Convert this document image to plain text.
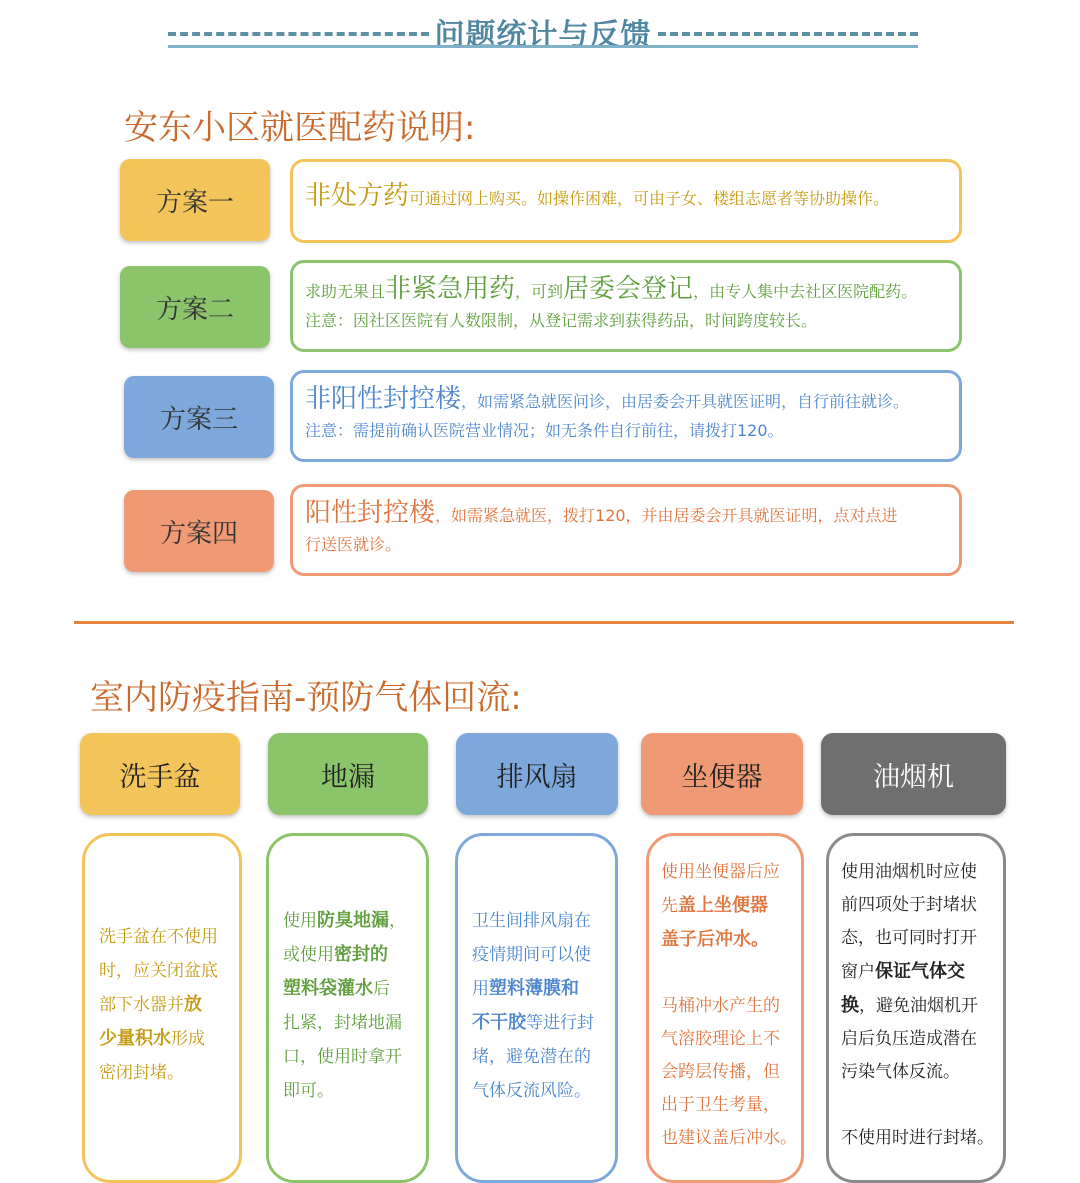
问题统计与反馈
安东小区就医配药说明:
方案一	非处方药可通过网上购买。如操作困难，可由子女、楼组志愿者等协助操作。
方案二
求助无果且非紧急用药，可到居委会登记，由专人集中去社区医院配药。
注意：因社区医院有人数限制，从登记需求到获得药品，时间跨度较长。
方案三
非阳性封控楼，如需紧急就医问诊，由居委会开具就医证明，自行前往就诊。
注意：需提前确认医院营业情况；如无条件自行前往，请拨打120。
方案四
阳性封控楼，如需紧急就医，拨打120，并由居委会开具就医证明，点对点进
行送医就诊。
室内防疫指南-预防气体回流:
洗手盆	地漏	排风扇	坐便器	油烟机
洗手盆在不使用
时，应关闭盆底
部下水器并放
少量积水形成
密闭封堵。
使用防臭地漏，
或使用密封的
塑料袋灌水后
扎紧，封堵地漏
口，使用时拿开
即可。
卫生间排风扇在
疫情期间可以使
用塑料薄膜和
不干胶等进行封
堵，避免潜在的
气体反流风险。
使用坐便器后应
先盖上坐便器
盖子后冲水。

马桶冲水产生的
气溶胶理论上不
会跨层传播，但
出于卫生考量，
也建议盖后冲水。
使用油烟机时应使
前四项处于封堵状
态，也可同时打开
窗户保证气体交
换，避免油烟机开
启后负压造成潜在
污染气体反流。

不使用时进行封堵。
